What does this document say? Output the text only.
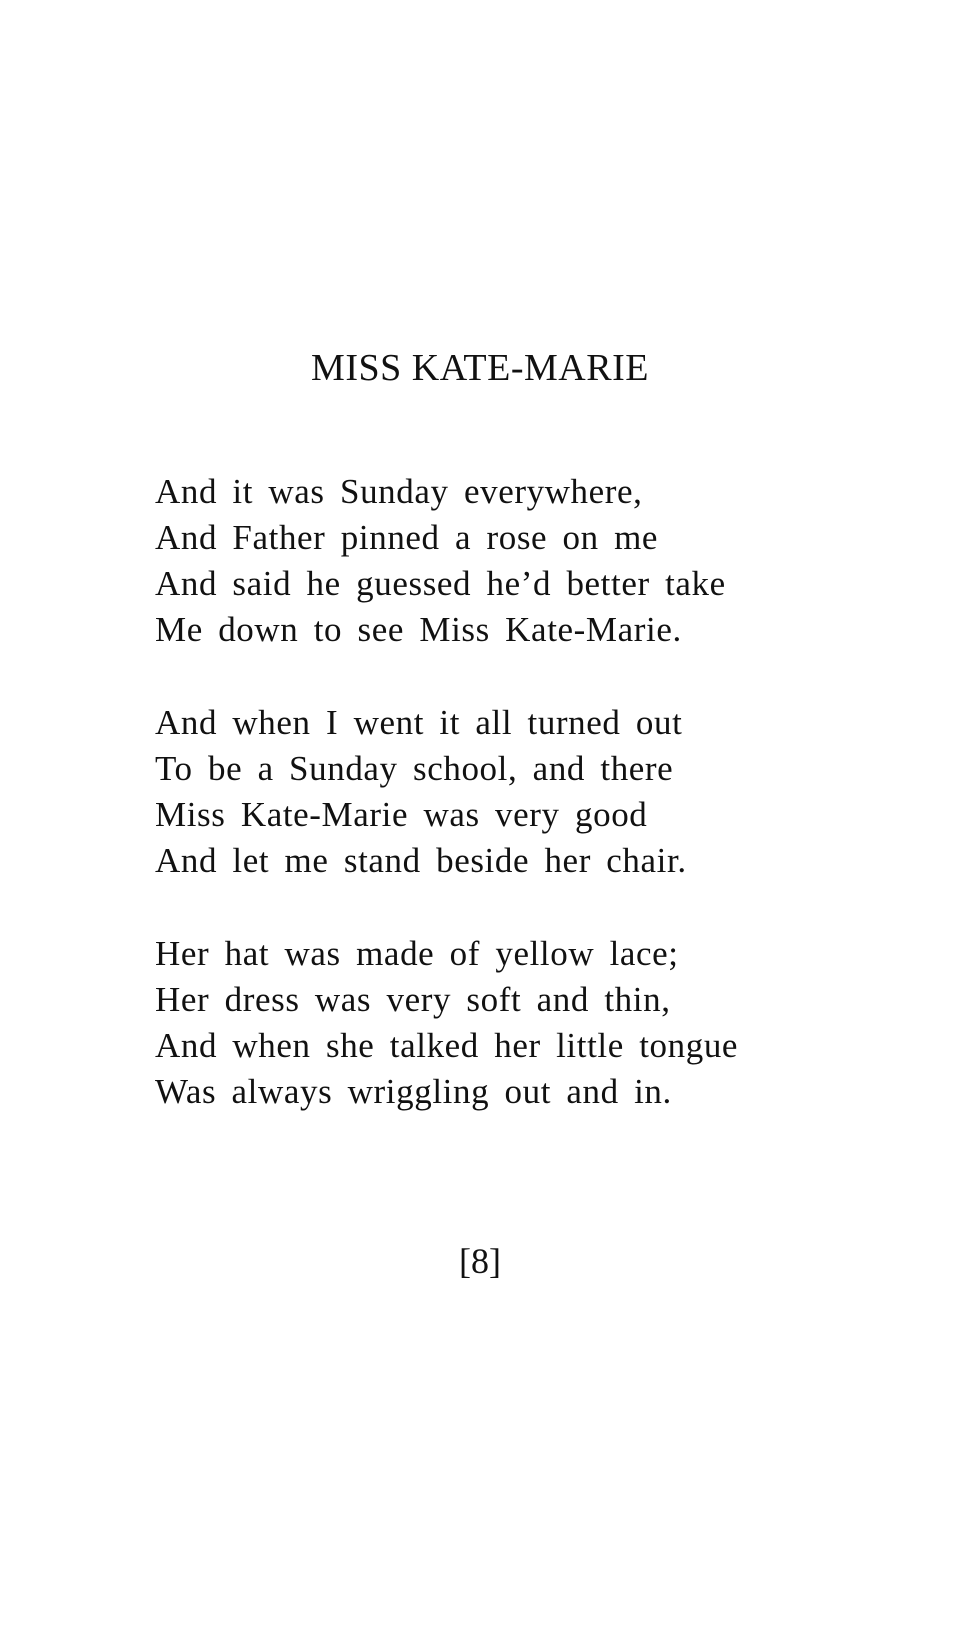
MISS KATE-MARIE
And it was Sunday everywhere,
And Father pinned a rose on me
And said he guessed he’d better take
Me down to see Miss Kate-Marie.
And when I went it all turned out
To be a Sunday school, and there
Miss Kate-Marie was very good
And let me stand beside her chair.
Her hat was made of yellow lace;
Her dress was very soft and thin,
And when she talked her little tongue
Was always wriggling out and in.
[8]
